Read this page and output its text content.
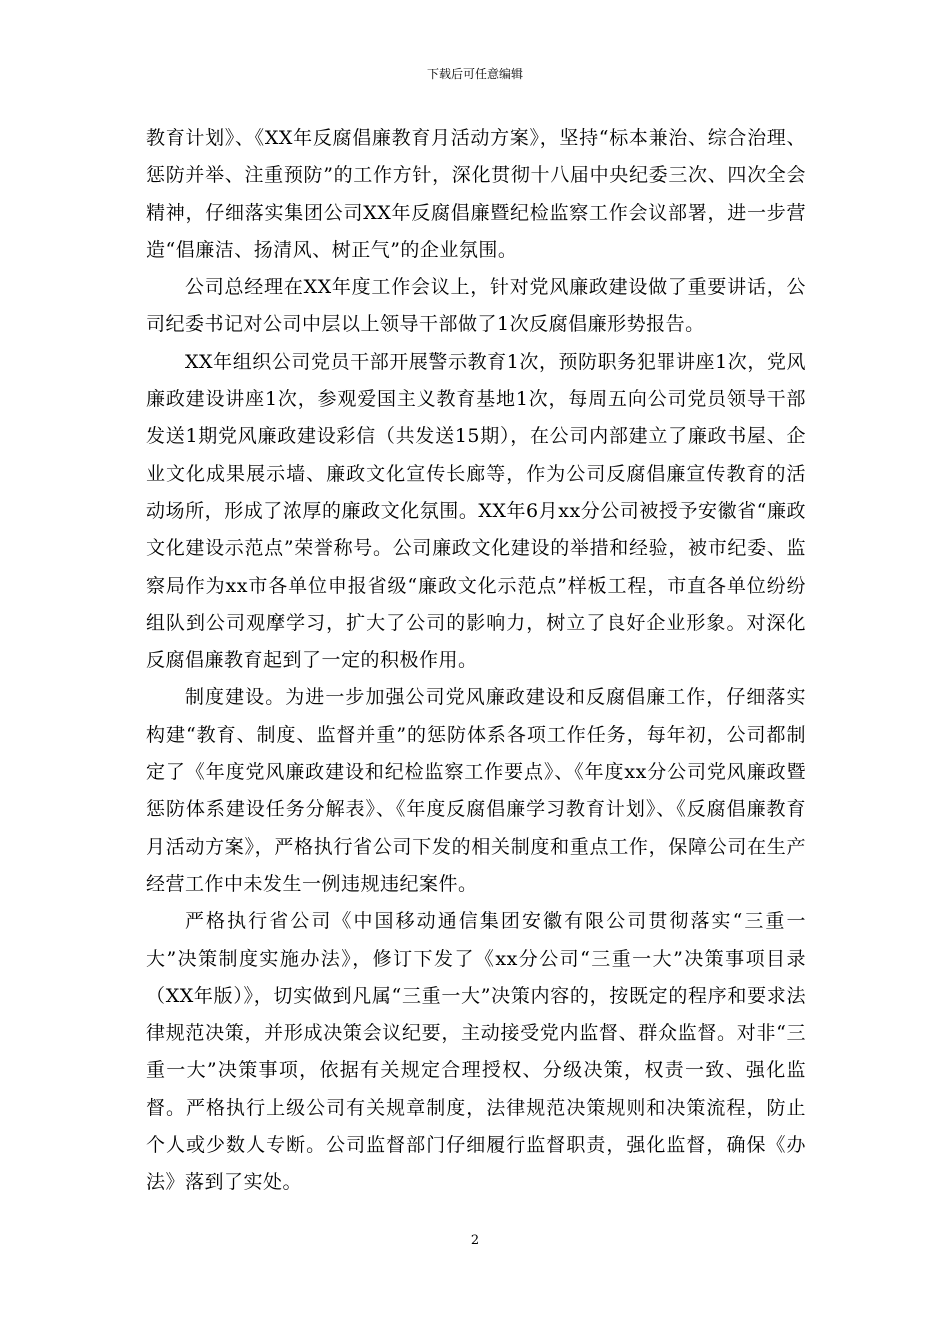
下载后可任意编辑

教育计划》、《XX年反腐倡廉教育月活动方案》，坚持“标本兼治、综合治理、惩防并举、注重预防”的工作方针，深化贯彻十八届中央纪委三次、四次全会精神，仔细落实集团公司XX年反腐倡廉暨纪检监察工作会议部署，进一步营造“倡廉洁、扬清风、树正气”的企业氛围。

公司总经理在XX年度工作会议上，针对党风廉政建设做了重要讲话，公司纪委书记对公司中层以上领导干部做了1次反腐倡廉形势报告。

XX年组织公司党员干部开展警示教育1次，预防职务犯罪讲座1次，党风廉政建设讲座1次，参观爱国主义教育基地1次，每周五向公司党员领导干部发送1期党风廉政建设彩信（共发送15期），在公司内部建立了廉政书屋、企业文化成果展示墙、廉政文化宣传长廊等，作为公司反腐倡廉宣传教育的活动场所，形成了浓厚的廉政文化氛围。XX年6月xx分公司被授予安徽省“廉政文化建设示范点”荣誉称号。公司廉政文化建设的举措和经验，被市纪委、监察局作为xx市各单位申报省级“廉政文化示范点”样板工程，市直各单位纷纷组队到公司观摩学习，扩大了公司的影响力，树立了良好企业形象。对深化反腐倡廉教育起到了一定的积极作用。

制度建设。为进一步加强公司党风廉政建设和反腐倡廉工作，仔细落实构建“教育、制度、监督并重”的惩防体系各项工作任务，每年初，公司都制定了《年度党风廉政建设和纪检监察工作要点》、《年度xx分公司党风廉政暨惩防体系建设任务分解表》、《年度反腐倡廉学习教育计划》、《反腐倡廉教育月活动方案》，严格执行省公司下发的相关制度和重点工作，保障公司在生产经营工作中未发生一例违规违纪案件。

严格执行省公司《中国移动通信集团安徽有限公司贯彻落实“三重一大”决策制度实施办法》，修订下发了《xx分公司“三重一大”决策事项目录（XX年版）》，切实做到凡属“三重一大”决策内容的，按既定的程序和要求法律规范决策，并形成决策会议纪要，主动接受党内监督、群众监督。对非“三重一大”决策事项，依据有关规定合理授权、分级决策，权责一致、强化监督。严格执行上级公司有关规章制度，法律规范决策规则和决策流程，防止个人或少数人专断。公司监督部门仔细履行监督职责，强化监督，确保《办法》落到了实处。

2
